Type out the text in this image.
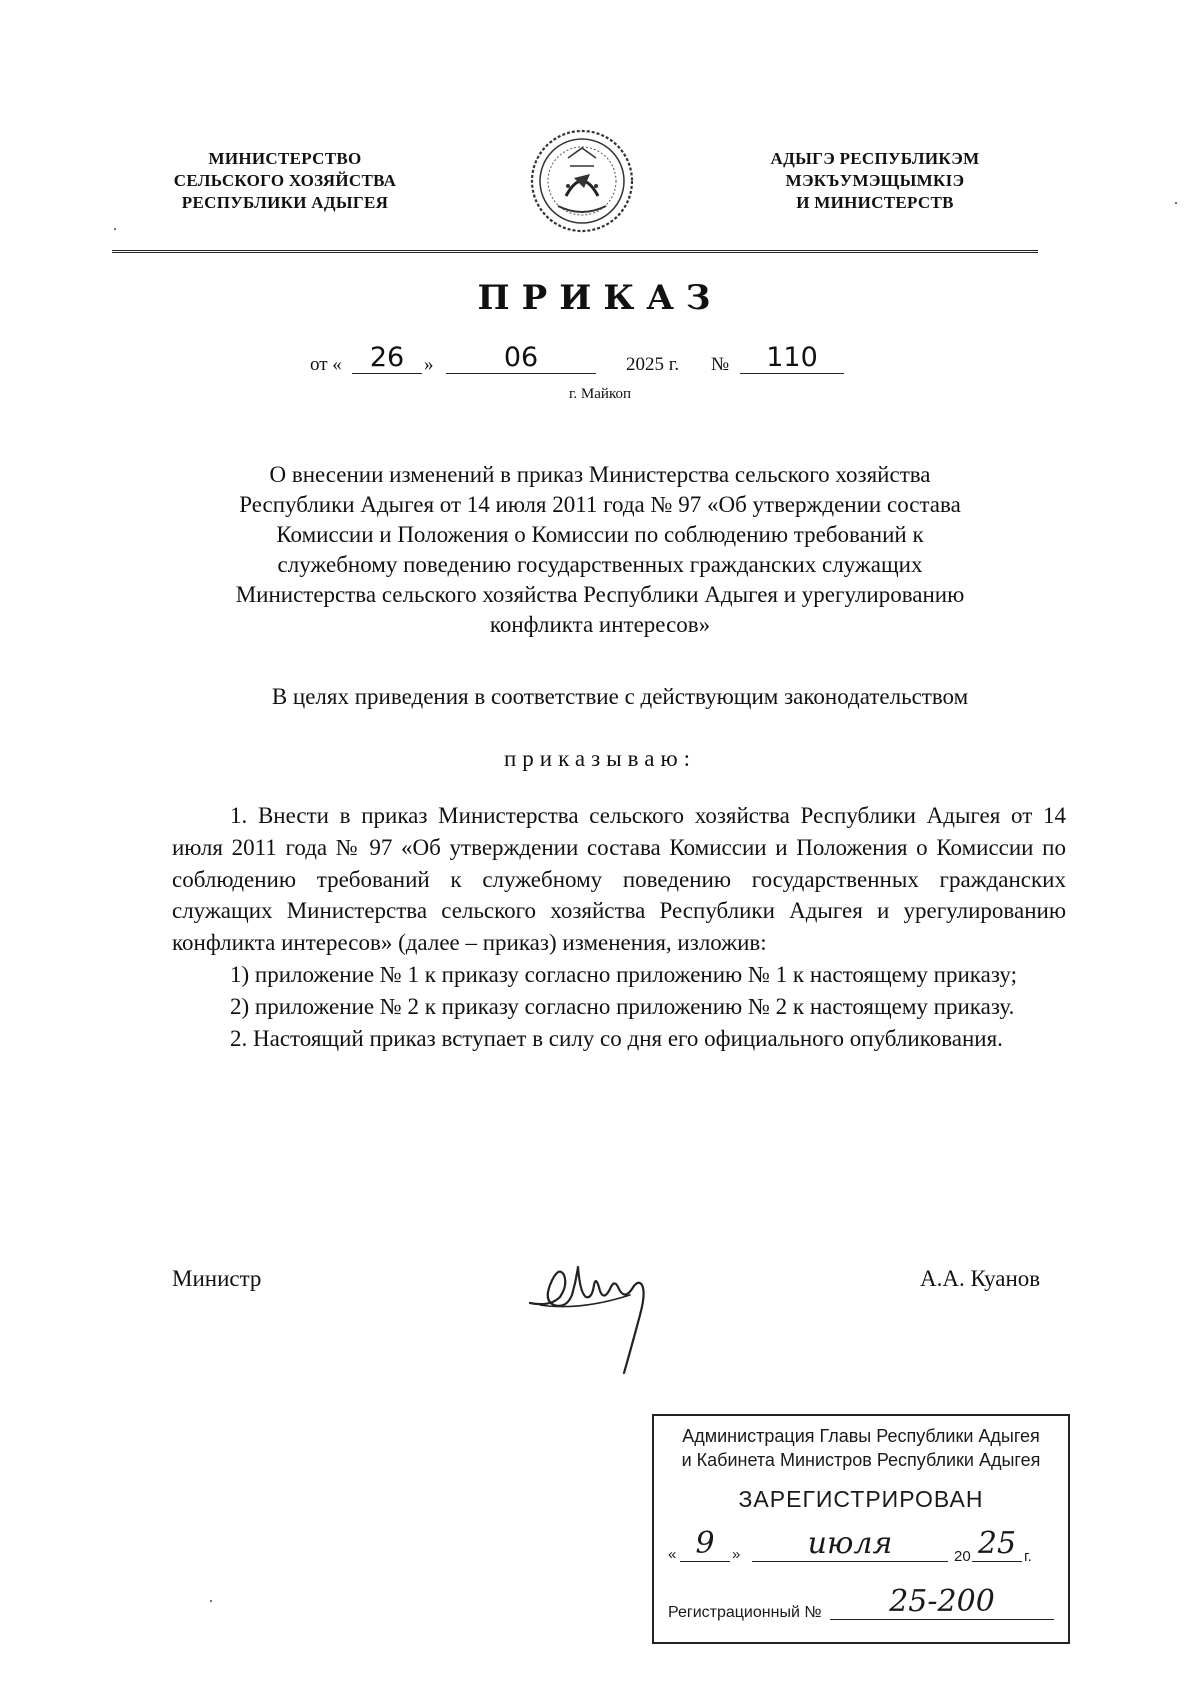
МИНИСТЕРСТВО
СЕЛЬСКОГО ХОЗЯЙСТВА
РЕСПУБЛИКИ АДЫГЕЯ
АДЫГЭ РЕСПУБЛИКЭМ
МЭКЪУМЭЩЫМКIЭ
И МИНИСТЕРСТВ
ПРИКАЗ
от «	26	»	06	2025 г. №	110
г. Майкоп
О внесении изменений в приказ Министерства сельского хозяйства
Республики Адыгея от 14 июля 2011 года № 97 «Об утверждении состава
Комиссии и Положения о Комиссии по соблюдению требований к
служебному поведению государственных гражданских служащих
Министерства сельского хозяйства Республики Адыгея и урегулированию
конфликта интересов»
В целях приведения в соответствие с действующим законодательством
приказываю:

1. Внести в приказ Министерства сельского хозяйства Республики Адыгея от 14 июля 2011 года № 97 «Об утверждении состава Комиссии и Положения о Комиссии по соблюдению требований к служебному поведению государственных гражданских служащих Министерства сельского хозяйства Республики Адыгея и урегулированию конфликта интересов» (далее – приказ) изменения, изложив:

1) приложение № 1 к приказу согласно приложению № 1 к настоящему приказу;

2) приложение № 2 к приказу согласно приложению № 2 к настоящему приказу.

2. Настоящий приказ вступает в силу со дня его официального опубликования.

Министр	А.А. Куанов
Администрация Главы Республики Адыгея
и Кабинета Министров Республики Адыгея
ЗАРЕГИСТРИРОВАН
« 9	»	июля	20 25 г.
Регистрационный №	25-200
